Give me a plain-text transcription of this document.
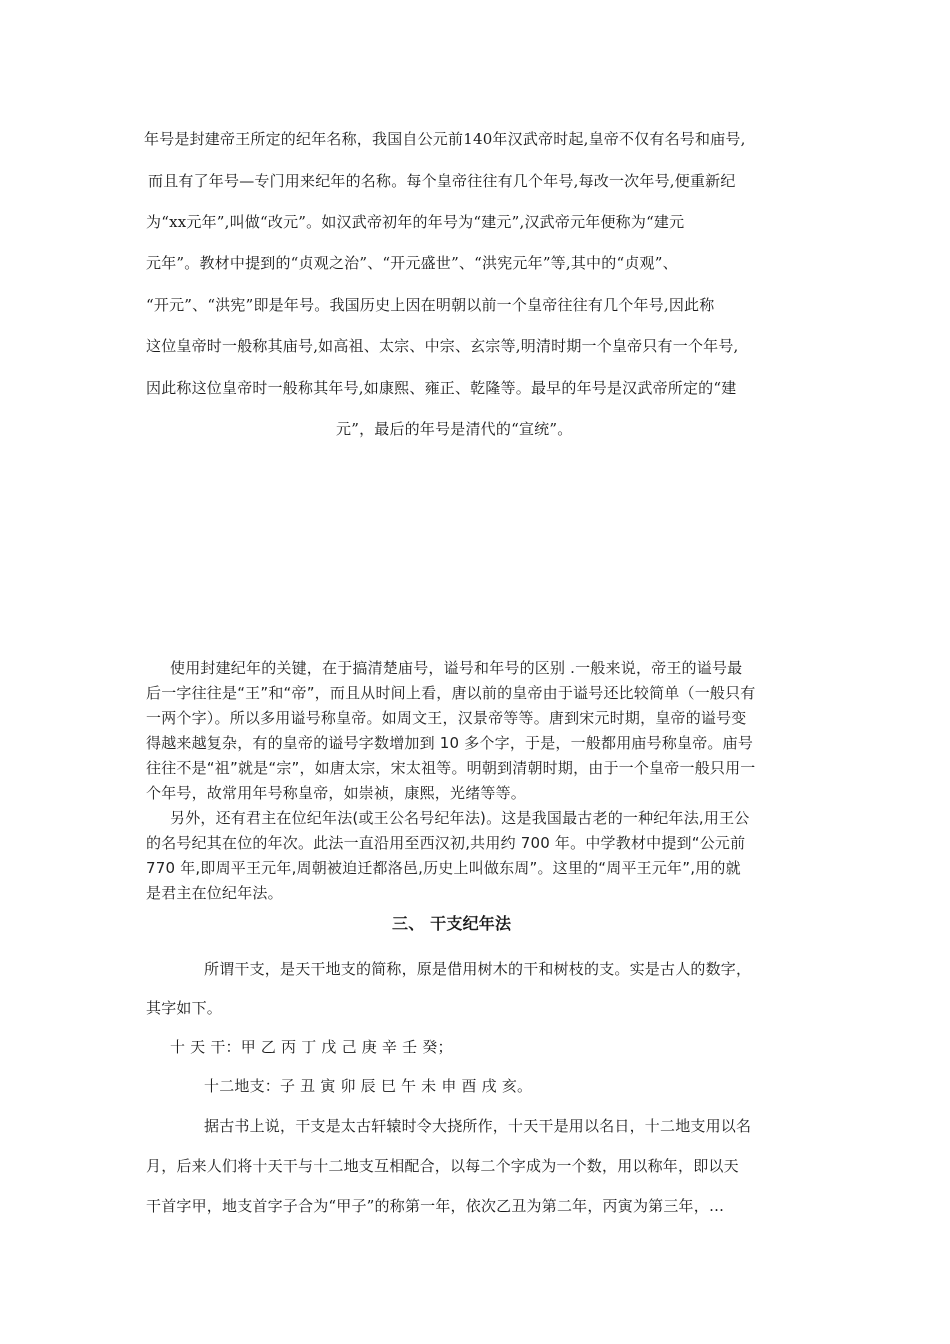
年号是封建帝王所定的纪年名称，我国自公元前140年汉武帝时起,皇帝不仅有名号和庙号,
而且有了年号—专门用来纪年的名称。每个皇帝往往有几个年号,每改一次年号,便重新纪
为“xx元年”,叫做“改元”。如汉武帝初年的年号为“建元”,汉武帝元年便称为“建元
元年”。教材中提到的“贞观之治”、“开元盛世”、“洪宪元年”等,其中的“贞观”、
“开元”、“洪宪”即是年号。我国历史上因在明朝以前一个皇帝往往有几个年号,因此称
这位皇帝时一般称其庙号,如高祖、太宗、中宗、玄宗等,明清时期一个皇帝只有一个年号,
因此称这位皇帝时一般称其年号,如康熙、雍正、乾隆等。最早的年号是汉武帝所定的“建
元”，最后的年号是清代的“宣统”。
使用封建纪年的关键，在于搞清楚庙号，谥号和年号的区别 .一般来说，帝王的谥号最
后一字往往是“王”和“帝”，而且从时间上看，唐以前的皇帝由于谥号还比较简单（一般只有
一两个字）。所以多用谥号称皇帝。如周文王，汉景帝等等。唐到宋元时期，皇帝的谥号变
得越来越复杂，有的皇帝的谥号字数增加到 10 多个字，于是，一般都用庙号称皇帝。庙号
往往不是“祖”就是“宗”，如唐太宗，宋太祖等。明朝到清朝时期，由于一个皇帝一般只用一
个年号，故常用年号称皇帝，如崇祯，康熙，光绪等等。
另外，还有君主在位纪年法(或王公名号纪年法)。这是我国最古老的一种纪年法,用王公
的名号纪其在位的年次。此法一直沿用至西汉初,共用约 700 年。中学教材中提到“公元前
770 年,即周平王元年,周朝被迫迁都洛邑,历史上叫做东周”。这里的“周平王元年”,用的就
是君主在位纪年法。
三、 干支纪年法
所谓干支，是天干地支的简称，原是借用树木的干和树枝的支。实是古人的数字，
其字如下。
十 天 干：甲 乙 丙 丁 戊 己 庚 辛 壬 癸；
十二地支：子 丑 寅 卯 辰 巳 午 未 申 酉 戌 亥。
据古书上说，干支是太古轩辕时令大挠所作，十天干是用以名日，十二地支用以名
月，后来人们将十天干与十二地支互相配合，以每二个字成为一个数，用以称年，即以天
干首字甲，地支首字子合为“甲子”的称第一年，依次乙丑为第二年，丙寅为第三年，…
